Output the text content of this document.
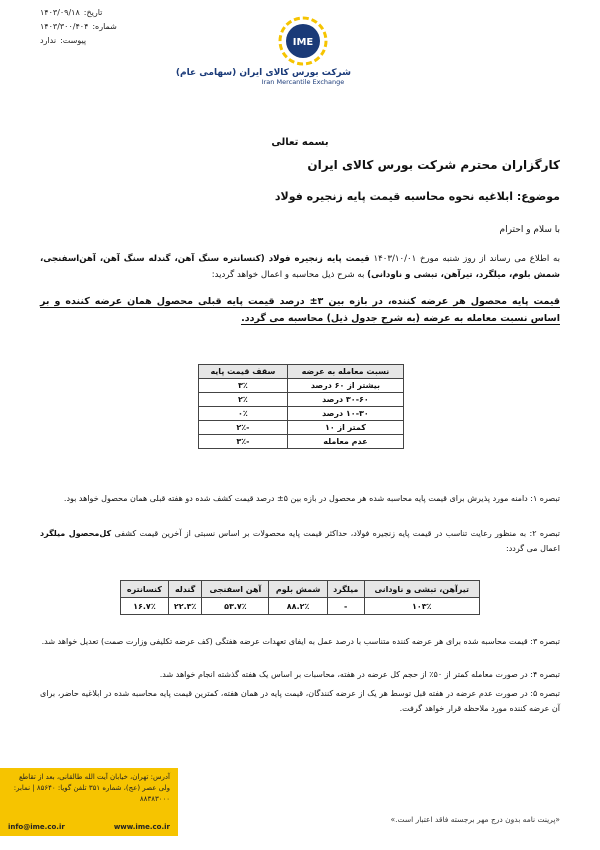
تاریخ:
۱۴۰۳/۰۹/۱۸
شماره:
۱۴۰۳/۳۰۰/۴۰۴
پیوست:
ندارد	IME
شرکت بورس کالای ایران (سهامی عام)
Iran Mercantile Exchange
بسمه تعالی
کارگزاران محترم شرکت بورس کالای ایران
موضوع: ابلاغیه نحوه محاسبه قیمت پایه زنجیره فولاد
با سلام و احترام
به اطلاع می رساند از روز شنبه مورخ ۱۴۰۳/۱۰/۰۱ قیمت پایه زنجیره فولاد (کنسانتره سنگ آهن، گندله سنگ آهن، آهن‌اسفنجی، شمش بلوم، میلگرد، تیرآهن، تبشی و ناودانی) به شرح ذیل محاسبه و اعمال خواهد گردید:
قیمت پایه محصول هر عرضه کننده، در بازه بین ۳± درصد قیمت پایه قبلی محصول همان عرضه کننده و بر اساس نسبت معامله به عرضه (به شرح جدول ذیل) محاسبه می گردد.
نسبت معامله به عرضه	سقف قیمت پایه
بیشتر از ۶۰ درصد	۳٪
۳۰-۶۰ درصد	۲٪
۱۰-۳۰ درصد	۰٪
کمتر از ۱۰	-۲٪
عدم معامله	-۳٪
تبصره ۱: دامنه مورد پذیرش برای قیمت پایه محاسبه شده هر محصول در بازه بین ۵± درصد قیمت کشف شده دو هفته قبلی همان محصول خواهد بود.
تبصره ۲: به منظور رعایت تناسب در قیمت پایه زنجیره فولاد، حداکثر قیمت پایه محصولات بر اساس نسبتی از آخرین قیمت کشفی کل‌محصول میلگرد اعمال می گردد:
تیرآهن، تبشی و ناودانی	میلگرد	شمش بلوم	آهن اسفنجی	گندله	کنسانتره
۱۰۳٪	-	۸۸.۲٪	۵۳.۷٪	۲۲.۳٪	۱۶.۷٪
تبصره ۳: قیمت محاسبه شده برای هر عرضه کننده متناسب با درصد عمل به ایفای تعهدات عرضه هفتگی (کف عرضه تکلیفی وزارت صمت) تعدیل خواهد شد.
تبصره ۴: در صورت معامله کمتر از ۵۰٪ از حجم کل عرضه در هفته، محاسبات بر اساس یک هفته گذشته انجام خواهد شد.
تبصره ۵: در صورت عدم عرضه در هفته قبل توسط هر یک از عرضه کنندگان، قیمت پایه در همان هفته، کمترین قیمت پایه محاسبه شده در ابلاغیه حاضر، برای آن عرضه کننده مورد ملاحظه قرار خواهد گرفت.
آدرس: تهران، خیابان آیت الله طالقانی، بعد از تقاطع ولی عصر (عج)، شماره ۳۵۱ تلفن گویا: ۸۵۶۴۰ | نمابر: ۸۸۳۸۳۰۰۰
info@ime.co.ir	www.ime.co.ir
«پرینت نامه بدون درج مهر برجسته فاقد اعتبار است.»
